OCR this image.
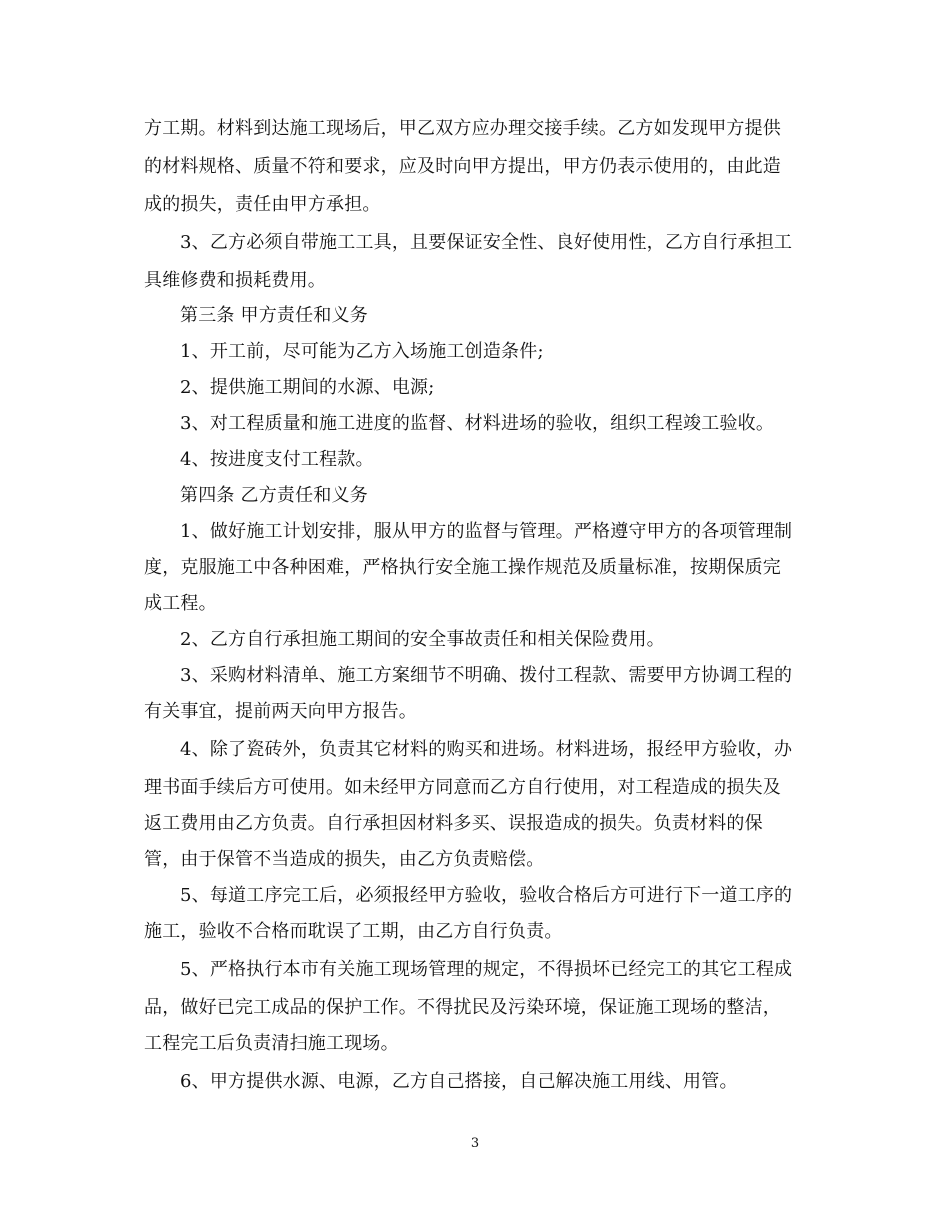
方工期。材料到达施工现场后，甲乙双方应办理交接手续。乙方如发现甲方提供
的材料规格、质量不符和要求，应及时向甲方提出，甲方仍表示使用的，由此造
成的损失，责任由甲方承担。
3、乙方必须自带施工工具，且要保证安全性、良好使用性，乙方自行承担工
具维修费和损耗费用。
第三条 甲方责任和义务
1、开工前，尽可能为乙方入场施工创造条件;
2、提供施工期间的水源、电源;
3、对工程质量和施工进度的监督、材料进场的验收，组织工程竣工验收。
4、按进度支付工程款。
第四条 乙方责任和义务
1、做好施工计划安排，服从甲方的监督与管理。严格遵守甲方的各项管理制
度，克服施工中各种困难，严格执行安全施工操作规范及质量标准，按期保质完
成工程。
2、乙方自行承担施工期间的安全事故责任和相关保险费用。
3、采购材料清单、施工方案细节不明确、拨付工程款、需要甲方协调工程的
有关事宜，提前两天向甲方报告。
4、除了瓷砖外，负责其它材料的购买和进场。材料进场，报经甲方验收，办
理书面手续后方可使用。如未经甲方同意而乙方自行使用，对工程造成的损失及
返工费用由乙方负责。自行承担因材料多买、误报造成的损失。负责材料的保
管，由于保管不当造成的损失，由乙方负责赔偿。
5、每道工序完工后，必须报经甲方验收，验收合格后方可进行下一道工序的
施工，验收不合格而耽误了工期，由乙方自行负责。
5、严格执行本市有关施工现场管理的规定，不得损坏已经完工的其它工程成
品，做好已完工成品的保护工作。不得扰民及污染环境，保证施工现场的整洁，
工程完工后负责清扫施工现场。
6、甲方提供水源、电源，乙方自己搭接，自己解决施工用线、用管。
3
